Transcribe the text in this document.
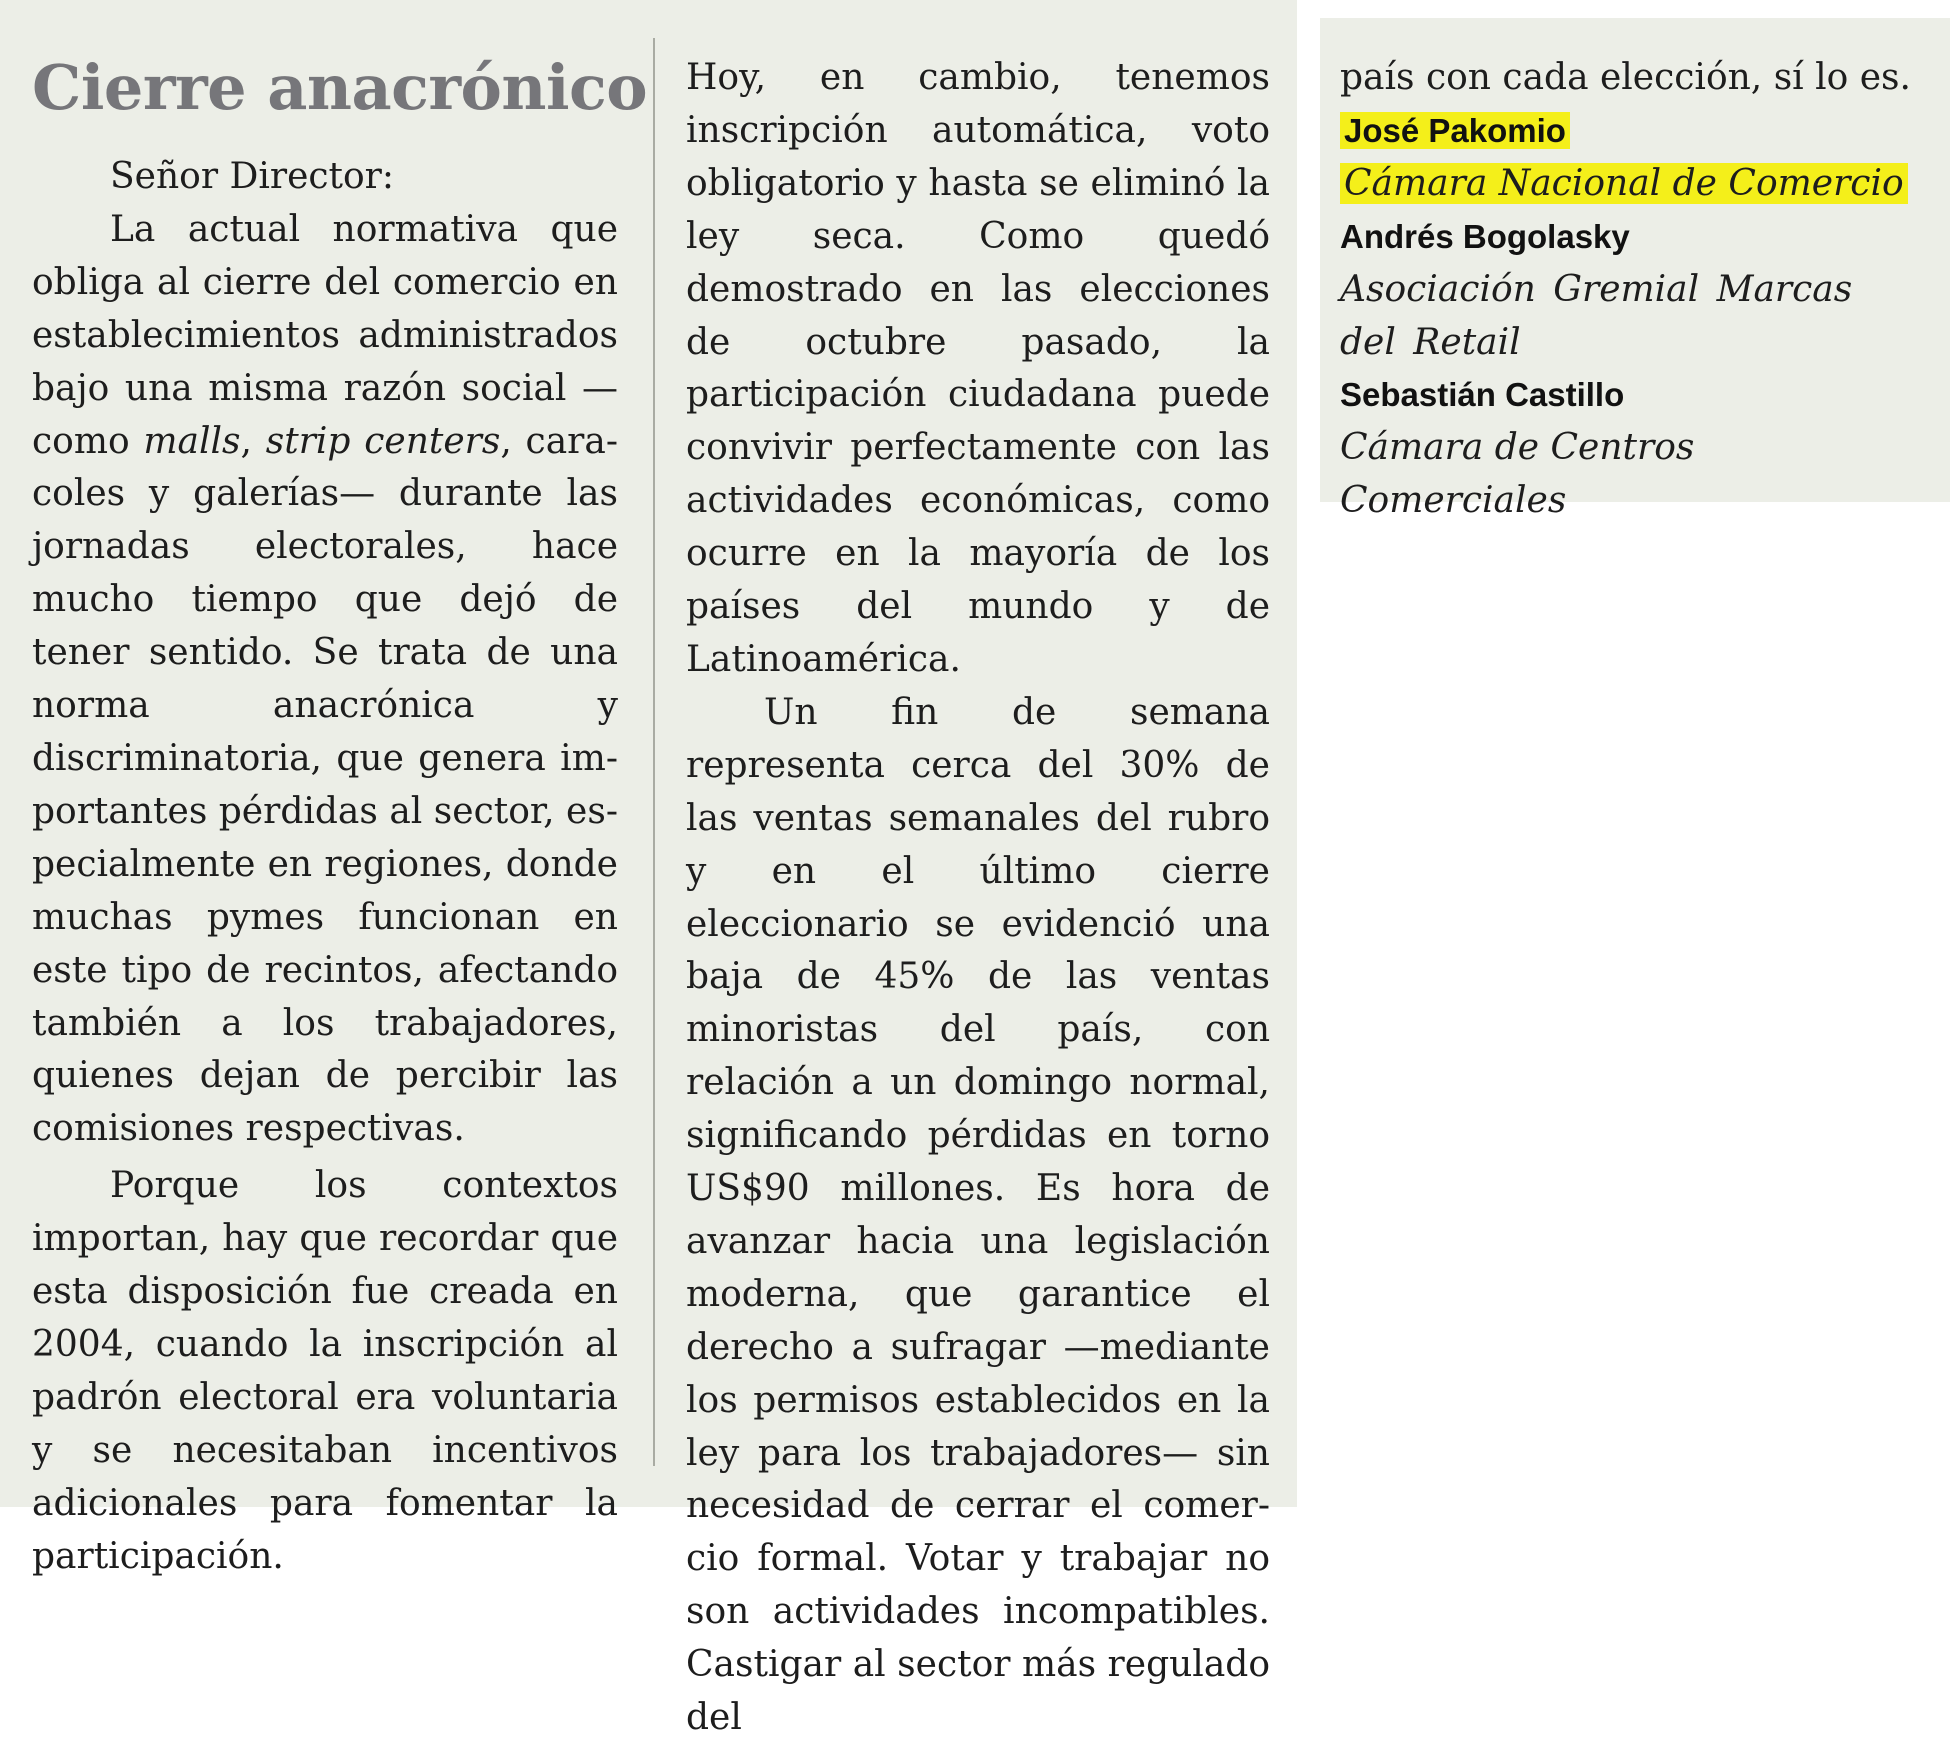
Cierre anacrónico

Señor Director:

La actual normativa que obliga al cierre del comercio en establecimientos administrados bajo una misma razón social —como malls, strip centers, caracoles y galerías— durante las jornadas electorales, hace mucho tiempo que dejó de tener sentido. Se trata de una norma anacrónica y discriminatoria, que genera importantes pérdidas al sector, especialmente en regiones, donde muchas pymes funcionan en este tipo de recintos, afectando también a los trabajadores, quienes dejan de percibir las comisiones respectivas.

Porque los contextos importan, hay que recordar que esta disposición fue creada en 2004, cuando la inscripción al padrón electoral era voluntaria y se necesitaban incentivos adicionales para fomentar la participación.

Hoy, en cambio, tenemos inscripción automática, voto obligatorio y hasta se eliminó la ley seca. Como quedó demostrado en las elecciones de octubre pasado, la participación ciudadana puede convivir perfectamente con las actividades económicas, como ocurre en la mayoría de los países del mundo y de Latinoamérica.

Un fin de semana representa cerca del 30% de las ventas semanales del rubro y en el último cierre eleccionario se evidenció una baja de 45% de las ventas minoristas del país, con relación a un domingo normal, significando pérdidas en torno US$90 millones. Es hora de avanzar hacia una legislación moderna, que garantice el derecho a sufragar —mediante los permisos establecidos en la ley para los trabajadores— sin necesidad de cerrar el comercio formal. Votar y trabajar no son actividades incompatibles. Castigar al sector más regulado del

país con cada elección, sí lo es.
José Pakomio
Cámara Nacional de Comercio
Andrés Bogolasky
Asociación Gremial Marcas del Retail
Sebastián Castillo
Cámara de Centros Comerciales
